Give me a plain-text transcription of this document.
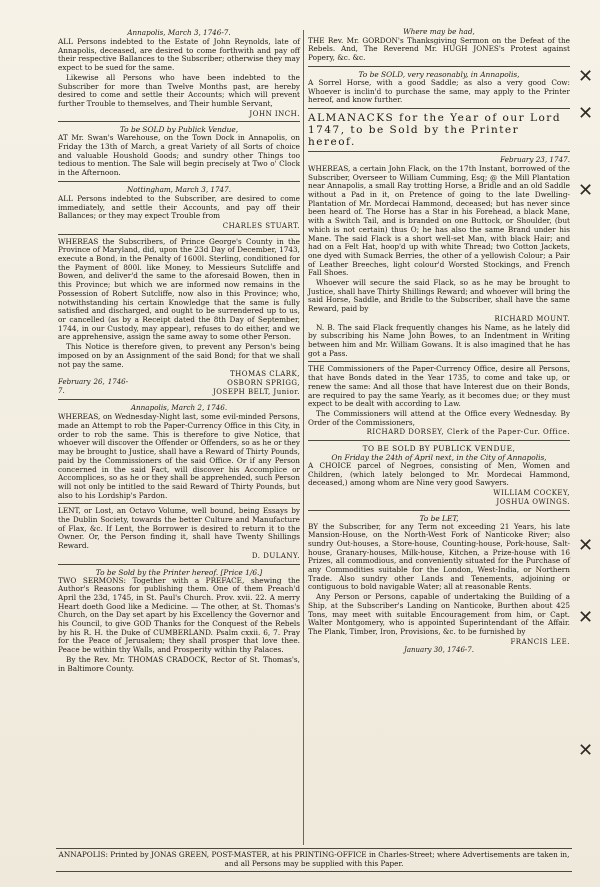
Annapolis, March 3, 1746-7.

ALL Persons indebted to the Estate of John Reynolds, late of Annapolis, deceased, are desired to come forthwith and pay off their respective Ballances to the Subscriber; otherwise they may expect to be sued for the same.

Likewise all Persons who have been indebted to the Subscriber for more than Twelve Months past, are hereby desired to come and settle their Accounts; which will prevent further Trouble to themselves, and Their humble Servant,

JOHN INCH.
To be SOLD by Publick Vendue,

AT Mr. Swan's Warehouse, on the Town Dock in Annapolis, on Friday the 13th of March, a great Variety of all Sorts of choice and valuable Houshold Goods; and sundry other Things too tedious to mention. The Sale will begin precisely at Two o' Clock in the Afternoon.

Nottingham, March 3, 1747.

ALL Persons indebted to the Subscriber, are desired to come immediately, and settle their Accounts, and pay off their Ballances; or they may expect Trouble from

CHARLES STUART.

WHEREAS the Subscribers, of Prince George's County in the Province of Maryland, did, upon the 23d Day of December, 1743, execute a Bond, in the Penalty of 1600l. Sterling, conditioned for the Payment of 800l. like Money, to Messieurs Sutcliffe and Bowen, and deliver'd the same to the aforesaid Bowen, then in this Province; but which we are informed now remains in the Possession of Robert Sutcliffe, now also in this Province; who, notwithstanding his certain Knowledge that the same is fully satisfied and discharged, and ought to be surrendered up to us, or cancelled (as by a Receipt dated the 8th Day of September, 1744, in our Custody, may appear), refuses to do either, and we are apprehensive, assign the same away to some other Person.

This Notice is therefore given, to prevent any Person's being imposed on by an Assignment of the said Bond; for that we shall not pay the same.

February 26, 1746-7.
THOMAS CLARK,
OSBORN SPRIGG,
JOSEPH BELT, Junior.
Annapolis, March 2, 1746.

WHEREAS, on Wednesday-Night last, some evil-minded Persons, made an Attempt to rob the Paper-Currency Office in this City, in order to rob the same. This is therefore to give Notice, that whoever will discover the Offender or Offenders, so as he or they may be brought to Justice, shall have a Reward of Thirty Pounds, paid by the Commissioners of the said Office. Or if any Person concerned in the said Fact, will discover his Accomplice or Accomplices, so as he or they shall be apprehended, such Person will not only be intitled to the said Reward of Thirty Pounds, but also to his Lordship's Pardon.

LENT, or Lost, an Octavo Volume, well bound, being Essays by the Dublin Society, towards the better Culture and Manufacture of Flax, &c. If Lent, the Borrower is desired to return it to the Owner. Or, the Person finding it, shall have Twenty Shillings Reward.

D. DULANY.
To be Sold by the Printer hereof. [Price 1/6.]

TWO SERMONS: Together with a PREFACE, shewing the Author's Reasons for publishing them. One of them Preach'd April the 23d, 1745, in St. Paul's Church. Prov. xvii. 22. A merry Heart doeth Good like a Medicine. — The other, at St. Thomas's Church, on the Day set apart by his Excellency the Governor and his Council, to give GOD Thanks for the Conquest of the Rebels by his R. H. the Duke of CUMBERLAND. Psalm cxxii. 6, 7. Pray for the Peace of Jerusalem; they shall prosper that love thee. Peace be within thy Walls, and Prosperity within thy Palaces.

By the Rev. Mr. THOMAS CRADOCK, Rector of St. Thomas's, in Baltimore County.

Where may be had,

THE Rev. Mr. GORDON's Thanksgiving Sermon on the Defeat of the Rebels. And, The Reverend Mr. HUGH JONES's Protest against Popery, &c. &c.

To be SOLD, very reasonably, in Annapolis,

A Sorrel Horse, with a good Saddle; as also a very good Cow: Whoever is inclin'd to purchase the same, may apply to the Printer hereof, and know further.

ALMANACKS for the Year of our Lord 1747, to be Sold by the Printer hereof.

February 23, 1747.

WHEREAS, a certain John Flack, on the 17th Instant, borrowed of the Subscriber, Overseer to William Cumming, Esq; @ the Mill Plantation near Annapolis, a small Ray trotting Horse, a Bridle and an old Saddle without a Pad in it, on Pretence of going to the late Dwelling-Plantation of Mr. Mordecai Hammond, deceased; but has never since been heard of. The Horse has a Star in his Forehead, a black Mane, with a Switch Tail, and is branded on one Buttock, or Shoulder, (but which is not certain) thus O; he has also the same Brand under his Mane. The said Flack is a short well-set Man, with black Hair; and had on a Felt Hat, hoop'd up with white Thread; two Cotton Jackets, one dyed with Sumack Berries, the other of a yellowish Colour; a Pair of Leather Breeches, light colour'd Worsted Stockings, and French Fall Shoes.

Whoever will secure the said Flack, so as he may be brought to Justice, shall have Thirty Shillings Reward; and whoever will bring the said Horse, Saddle, and Bridle to the Subscriber, shall have the same Reward, paid by

RICHARD MOUNT.

N. B. The said Flack frequently changes his Name, as he lately did by subscribing his Name John Bowes, to an Indentment in Writing between him and Mr. William Gowans. It is also imagined that he has got a Pass.

THE Commissioners of the Paper-Currency Office, desire all Persons, that have Bonds dated in the Year 1735, to come and take up, or renew the same: And all those that have Interest due on their Bonds, are required to pay the same Yearly, as it becomes due; or they must expect to be dealt with according to Law.

The Commissioners will attend at the Office every Wednesday. By Order of the Commissioners,

RICHARD DORSEY, Clerk of the Paper-Cur. Office.
TO BE SOLD BY PUBLICK VENDUE,
On Friday the 24th of April next, in the City of Annapolis,

A CHOICE parcel of Negroes, consisting of Men, Women and Children, (which lately belonged to Mr. Mordecai Hammond, deceased,) among whom are Nine very good Sawyers.

WILLIAM COCKEY,
JOSHUA OWINGS.
To be LET,

BY the Subscriber, for any Term not exceeding 21 Years, his late Mansion-House, on the North-West Fork of Nanticoke River; also sundry Out-houses, a Store-house, Counting-house, Pork-house, Salt-house, Granary-houses, Milk-house, Kitchen, a Prize-house with 16 Prizes, all commodious, and conveniently situated for the Purchase of any Commodities suitable for the London, West-India, or Northern Trade. Also sundry other Lands and Tenements, adjoining or contiguous to bold navigable Water; all at reasonable Rents.

Any Person or Persons, capable of undertaking the Building of a Ship, at the Subscriber's Landing on Nanticoke, Burthen about 425 Tons, may meet with suitable Encouragement from him, or Capt. Walter Montgomery, who is appointed Superintendant of the Affair. The Plank, Timber, Iron, Provisions, &c. to be furnished by

FRANCIS LEE.
January 30, 1746-7.
✕
✕
✕
✕
✕
✕
ANNAPOLIS: Printed by JONAS GREEN, POST-MASTER, at his PRINTING-OFFICE in Charles-Street; where Advertisements are taken in, and all Persons may be supplied with this Paper.
